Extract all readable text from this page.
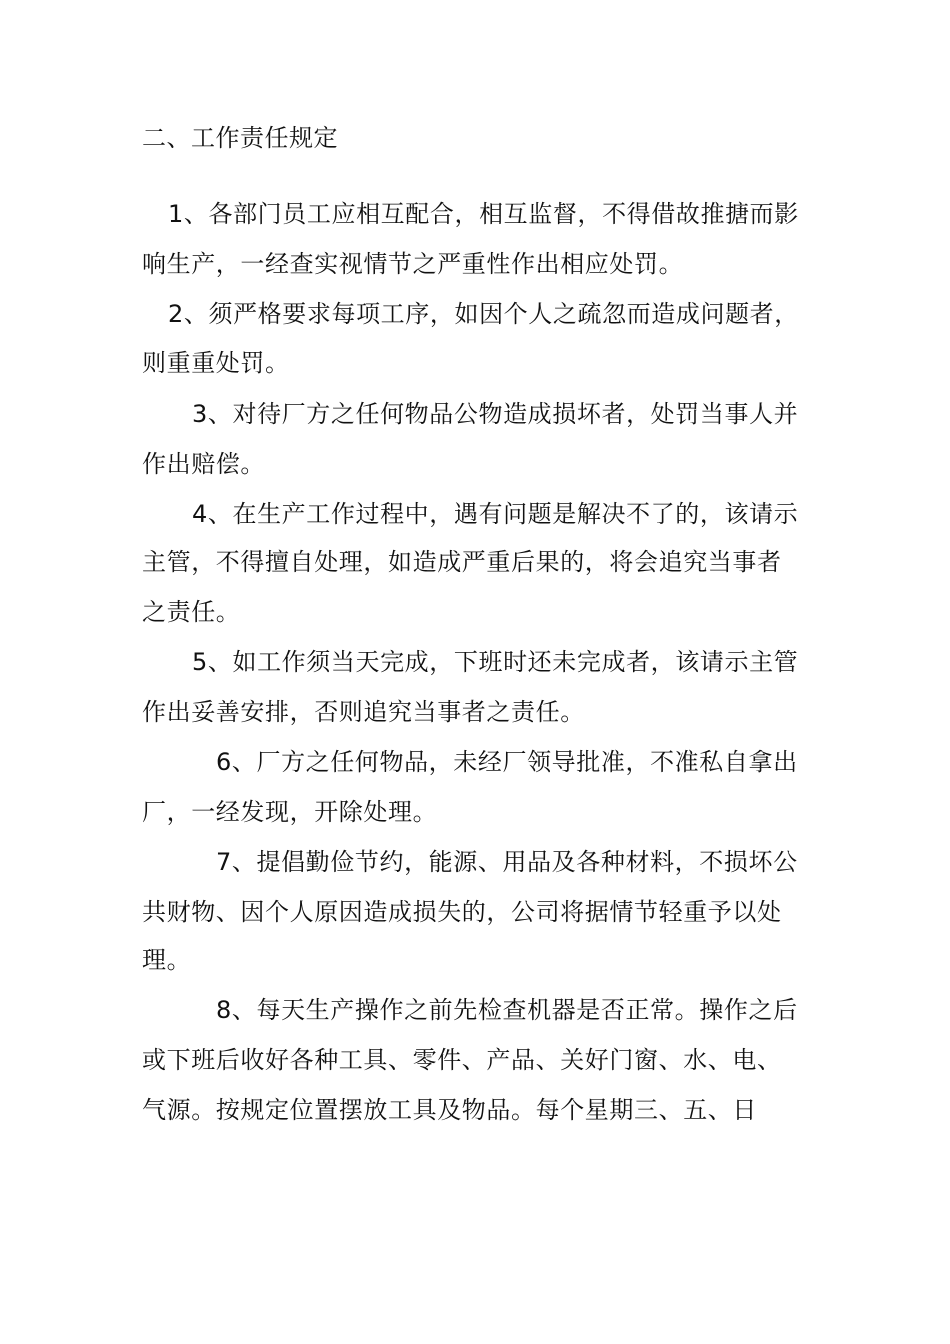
二、工作责任规定
1、各部门员工应相互配合，相互监督，不得借故推搪而影
响生产，一经查实视情节之严重性作出相应处罚。
2、须严格要求每项工序，如因个人之疏忽而造成问题者，
则重重处罚。
3、对待厂方之任何物品公物造成损坏者，处罚当事人并
作出赔偿。
4、在生产工作过程中，遇有问题是解决不了的，该请示
主管，不得擅自处理，如造成严重后果的，将会追究当事者
之责任。
5、如工作须当天完成，下班时还未完成者，该请示主管
作出妥善安排，否则追究当事者之责任。
6、厂方之任何物品，未经厂领导批准，不准私自拿出
厂，一经发现，开除处理。
7、提倡勤俭节约，能源、用品及各种材料，不损坏公
共财物、因个人原因造成损失的，公司将据情节轻重予以处
理。
8、每天生产操作之前先检查机器是否正常。操作之后
或下班后收好各种工具、零件、产品、关好门窗、水、电、
气源。按规定位置摆放工具及物品。每个星期三、五、日
